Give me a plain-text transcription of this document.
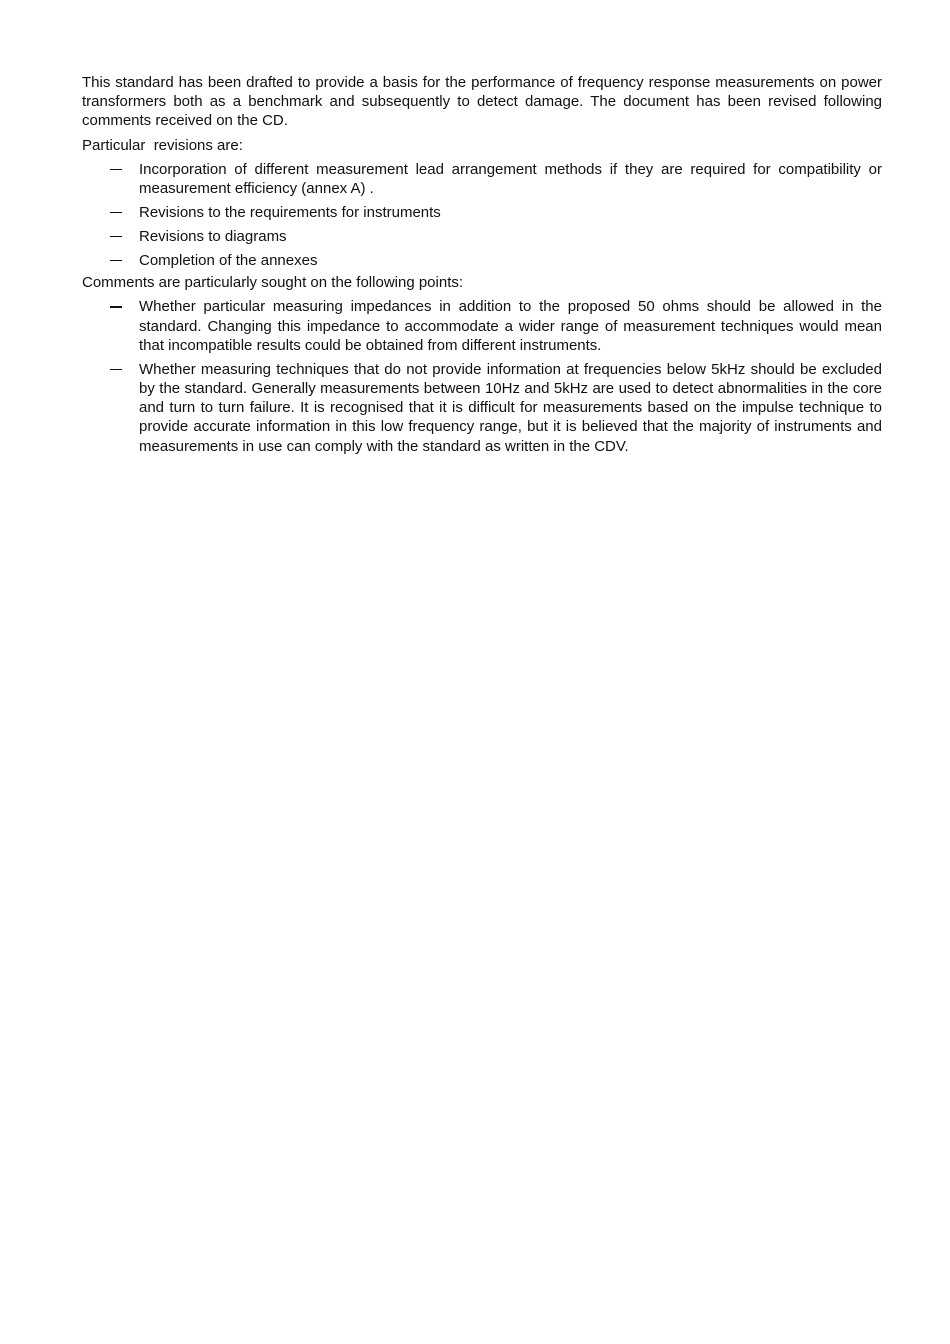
This standard has been drafted to provide a basis for the performance of frequency response measurements on power transformers both as a benchmark and subsequently to detect damage. The document has been revised following comments received on the CD.

Particular  revisions are:

Incorporation of different measurement lead arrangement methods if they are required for compatibility or measurement efficiency (annex A) .
Revisions to the requirements for instruments
Revisions to diagrams
Completion of the annexes

Comments are particularly sought on the following points:

Whether particular measuring impedances in addition to the proposed 50 ohms should be allowed in the standard. Changing this impedance to accommodate a wider range of measurement techniques would mean that incompatible results could be obtained from different instruments.
Whether measuring techniques that do not provide information at frequencies below 5kHz should be excluded by the standard. Generally measurements between 10Hz and 5kHz are used to detect abnormalities in the core and turn to turn failure. It is recognised that it is difficult for measurements based on the impulse technique to provide accurate information in this low frequency range, but it is believed that the majority of instruments and measurements in use can comply with the standard as written in the CDV.
